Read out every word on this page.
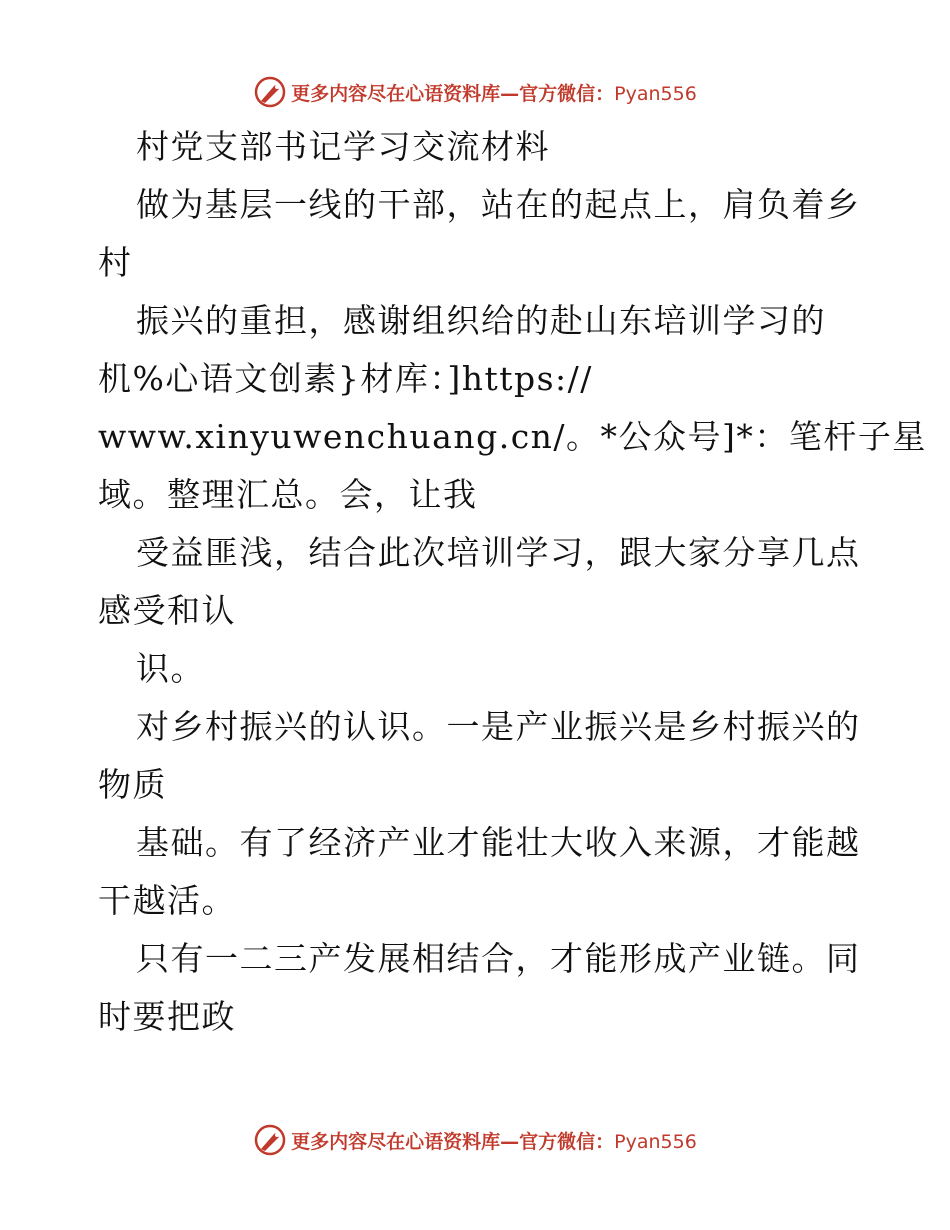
更多内容尽在心语资料库—官方微信：Pyan556
村党支部书记学习交流材料
做为基层一线的干部，站在的起点上，肩负着乡
村
振兴的重担，感谢组织给的赴山东培训学习的
机%心语文创素}材库：]https://
www.xinyuwenchuang.cn/。*公众号]*：笔杆子星
域。整理汇总。会，让我
受益匪浅，结合此次培训学习，跟大家分享几点
感受和认
识。
对乡村振兴的认识。一是产业振兴是乡村振兴的
物质
基础。有了经济产业才能壮大收入来源，才能越
干越活。
只有一二三产发展相结合，才能形成产业链。同
时要把政
更多内容尽在心语资料库—官方微信：Pyan556
